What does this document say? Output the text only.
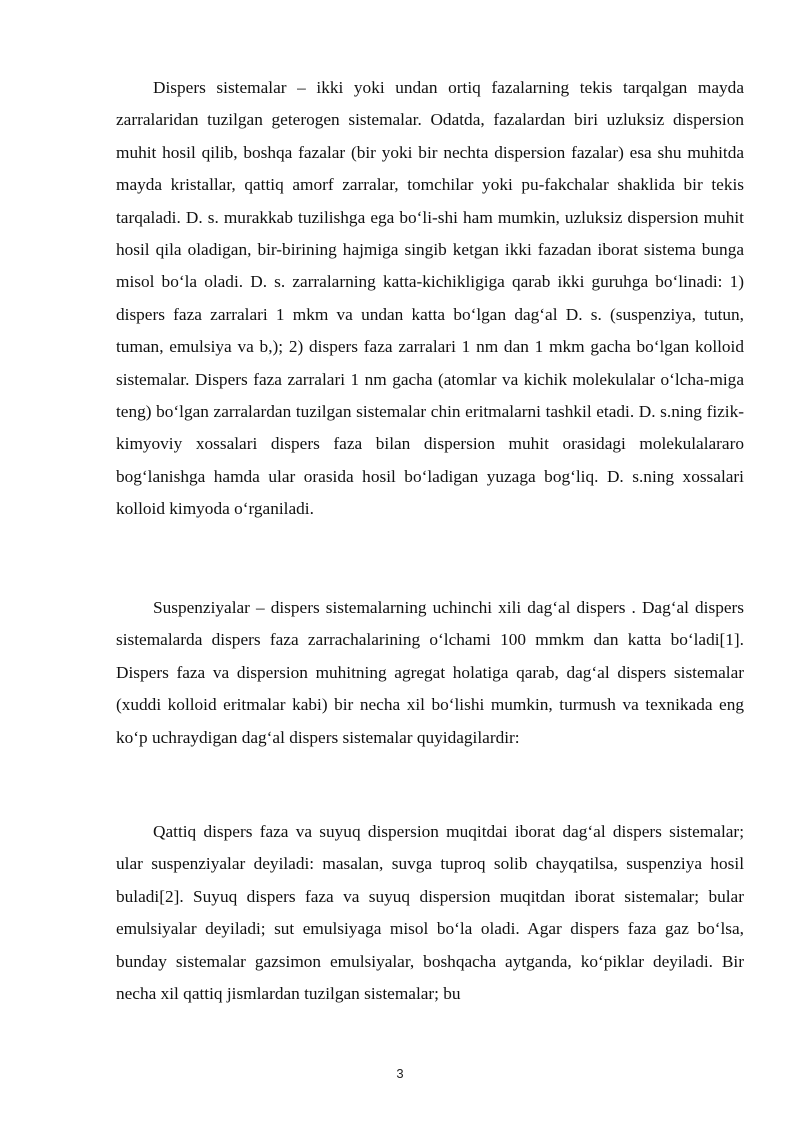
Dispers sistemalar – ikki yoki undan ortiq fazalarning tekis tarqalgan mayda zarralaridan tuzilgan geterogen sistemalar. Odatda, fazalardan biri uzluksiz dispersion muhit hosil qilib, boshqa fazalar (bir yoki bir nechta dispersion fazalar) esa shu muhitda mayda kristallar, qattiq amorf zarralar, tomchilar yoki pu-fakchalar shaklida bir tekis tarqaladi. D. s. murakkab tuzilishga ega bo‘li-shi ham mumkin, uzluksiz dispersion muhit hosil qila oladigan, bir-birining hajmiga singib ketgan ikki fazadan iborat sistema bunga misol bo‘la oladi. D. s. zarralarning katta-kichikligiga qarab ikki guruhga bo‘linadi: 1) dispers faza zarralari 1 mkm va undan katta bo‘lgan dag‘al D. s. (suspenziya, tutun, tuman, emulsiya va b,); 2) dispers faza zarralari 1 nm dan 1 mkm gacha bo‘lgan kolloid sistemalar. Dispers faza zarralari 1 nm gacha (atomlar va kichik molekulalar o‘lcha-miga teng) bo‘lgan zarralardan tuzilgan sistemalar chin eritmalarni tashkil etadi. D. s.ning fizik-kimyoviy xossalari dispers faza bilan dispersion muhit orasidagi molekulalararo bog‘lanishga hamda ular orasida hosil bo‘ladigan yuzaga bog‘liq. D. s.ning xossalari kolloid kimyoda o‘rganiladi.

Suspenziyalar – dispers sistemalarning uchinchi xili dag‘al dispers . Dag‘al dispers sistemalarda dispers faza zarrachalarining o‘lchami 100 mmkm dan katta bo‘ladi[1]. Dispers faza va dispersion muhitning agregat holatiga qarab, dag‘al dispers sistemalar (xuddi kolloid eritmalar kabi) bir necha xil bo‘lishi mumkin, turmush va texnikada eng ko‘p uchraydigan dag‘al dispers sistemalar quyidagilardir:

Qattiq dispers faza va suyuq dispersion muqitdai iborat dag‘al dispers sistemalar; ular suspenziyalar deyiladi: masalan, suvga tuproq solib chayqatilsa, suspenziya hosil buladi[2]. Suyuq dispers faza va suyuq dispersion muqitdan iborat sistemalar; bular emulsiyalar deyiladi; sut emulsiyaga misol bo‘la oladi. Agar dispers faza gaz bo‘lsa, bunday sistemalar gazsimon emulsiyalar, boshqacha aytganda, ko‘piklar deyiladi. Bir necha xil qattiq jismlardan tuzilgan sistemalar; bu

3
